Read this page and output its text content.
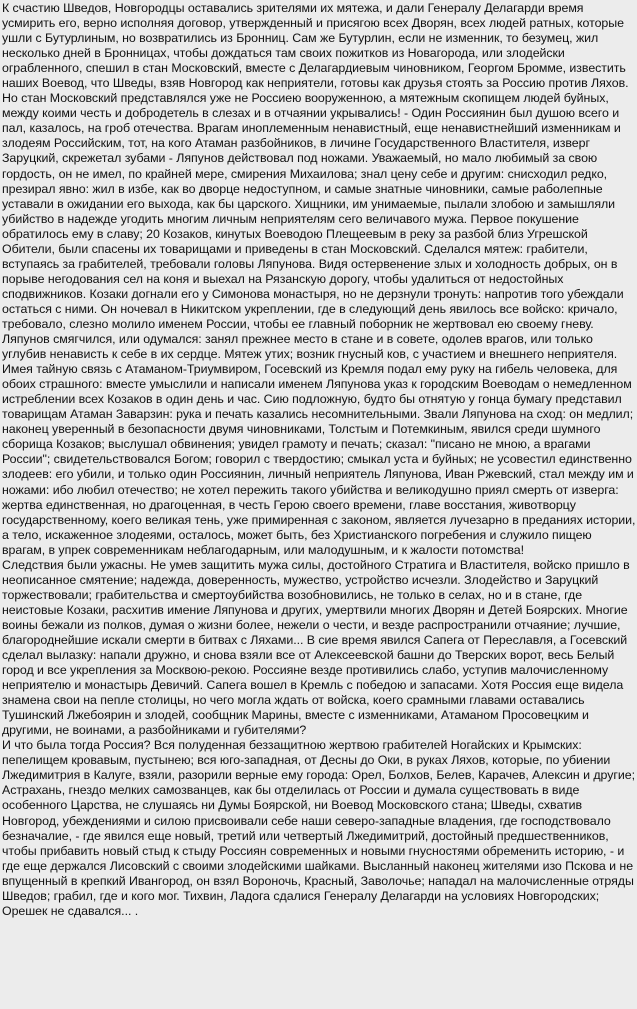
К счастию Шведов, Новгородцы оставались зрителями их мятежа, и дали Генералу Делагарди время усмирить его, верно исполняя договор, утвержденный и присягою всех Дворян, всех людей ратных, которые ушли с Бутурлиным, но возвратились из Бронниц. Сам же Бутурлин, если не изменник, то безумец, жил несколько дней в Бронницах, чтобы дождаться там своих пожитков из Новагорода, или злодейски ограбленного, спешил в стан Московский, вместе с Делагардиевым чиновником, Георгом Бромме, известить наших Воевод, что Шведы, взяв Новгород как неприятели, готовы как друзья стоять за Россию против Ляхов.

Но стан Московский представлялся уже не Россиею вооруженною, а мятежным скопищем людей буйных, между коими честь и добродетель в слезах и в отчаянии укрывались! - Один Россиянин был душою всего и пал, казалось, на гроб отечества. Врагам иноплеменным ненавистный, еще ненавистнейший изменникам и злодеям Российским, тот, на кого Атаман разбойников, в личине Государственного Властителя, изверг Заруцкий, скрежетал зубами - Ляпунов действовал под ножами. Уважаемый, но мало любимый за свою гордость, он не имел, по крайней мере, смирения Михаилова; знал цену себе и другим: снисходил редко, презирал явно: жил в избе, как во дворце недоступном, и самые знатные чиновники, самые раболепные уставали в ожидании его выхода, как бы царского. Хищники, им унимаемые, пылали злобою и замышляли убийство в надежде угодить многим личным неприятелям сего величавого мужа. Первое покушение обратилось ему в славу; 20 Козаков, кинутых Воеводою Плещеевым в реку за разбой близ Угрешской Обители, были спасены их товарищами и приведены в стан Московский. Сделался мятеж: грабители, вступаясь за грабителей, требовали головы Ляпунова. Видя остервенение злых и холодность добрых, он в порыве негодования сел на коня и выехал на Рязанскую дорогу, чтобы удалиться от недостойных сподвижников. Козаки догнали его у Симонова монастыря, но не дерзнули тронуть: напротив того убеждали остаться с ними. Он ночевал в Никитском укреплении, где в следующий день явилось все войско: кричало, требовало, слезно молило именем России, чтобы ее главный поборник не жертвовал ею своему гневу. Ляпунов смягчился, или одумался: занял прежнее место в стане и в совете, одолев врагов, или только углубив ненависть к себе в их сердце. Мятеж утих; возник гнусный ков, с участием и внешнего неприятеля. Имея тайную связь с Атаманом-Триумвиром, Госевский из Кремля подал ему руку на гибель человека, для обоих страшного: вместе умыслили и написали именем Ляпунова указ к городским Воеводам о немедленном истреблении всех Козаков в один день и час. Сию подложную, будто бы отнятую у гонца бумагу представил товарищам Атаман Заварзин: рука и печать казались несомнительными. Звали Ляпунова на сход: он медлил; наконец уверенный в безопасности двумя чиновниками, Толстым и Потемкиным, явился среди шумного сборища Козаков; выслушал обвинения; увидел грамоту и печать; сказал: "писано не мною, а врагами России"; свидетельствовался Богом; говорил с твердостию; смыкал уста и буйных; не усовестил единственно злодеев: его убили, и только один Россиянин, личный неприятель Ляпунова, Иван Ржевский, стал между им и ножами: ибо любил отечество; не хотел пережить такого убийства и великодушно приял смерть от изверга: жертва единственная, но драгоценная, в честь Герою своего времени, главе восстания, животворцу государственному, коего великая тень, уже примиренная с законом, является лучезарно в преданиях истории, а тело, искаженное злодеями, осталось, может быть, без Христианского погребения и служило пищею врагам, в упрек современникам неблагодарным, или малодушным, и к жалости потомства!

Следствия были ужасны. Не умев защитить мужа силы, достойного Стратига и Властителя, войско пришло в неописанное смятение; надежда, доверенность, мужество, устройство исчезли. Злодейство и Заруцкий торжествовали; грабительства и смертоубийства возобновились, не только в селах, но и в стане, где неистовые Козаки, расхитив имение Ляпунова и других, умертвили многих Дворян и Детей Боярских. Многие воины бежали из полков, думая о жизни более, нежели о чести, и везде распространили отчаяние; лучшие, благороднейшие искали смерти в битвах с Ляхами... В сие время явился Сапега от Переславля, а Госевский сделал вылазку: напали дружно, и снова взяли все от Алексеевской башни до Тверских ворот, весь Белый город и все укрепления за Москвою-рекою. Россияне везде противились слабо, уступив малочисленному неприятелю и монастырь Девичий. Сапега вошел в Кремль с победою и запасами. Хотя Россия еще видела знамена свои на пепле столицы, но чего могла ждать от войска, коего срамными главами оставались Тушинский Лжебоярин и злодей, сообщник Марины, вместе с изменниками, Атаманом Просовецким и другими, не воинами, а разбойниками и губителями?

И что была тогда Россия? Вся полуденная беззащитною жертвою грабителей Ногайских и Крымских: пепелищем кровавым, пустынею; вся юго-западная, от Десны до Оки, в руках Ляхов, которые, по убиении Лжедимитрия в Калуге, взяли, разорили верные ему города: Орел, Болхов, Белев, Карачев, Алексин и другие; Астрахань, гнездо мелких самозванцев, как бы отделилась от России и думала существовать в виде особенного Царства, не слушаясь ни Думы Боярской, ни Воевод Московского стана; Шведы, схватив Новгород, убеждениями и силою присвоивали себе наши северо-западные владения, где господствовало безначалие, - где явился еще новый, третий или четвертый Лжедимитрий, достойный предшественников, чтобы прибавить новый стыд к стыду Россиян современных и новыми гнусностями обременить историю, - и где еще держался Лисовский с своими злодейскими шайками. Высланный наконец жителями изо Пскова и не впущенный в крепкий Ивангород, он взял Вороночь, Красный, Заволочье; нападал на малочисленные отряды Шведов; грабил, где и кого мог. Тихвин, Ладога сдалися Генералу Делагарди на условиях Новгородских; Орешек не сдавался... .
